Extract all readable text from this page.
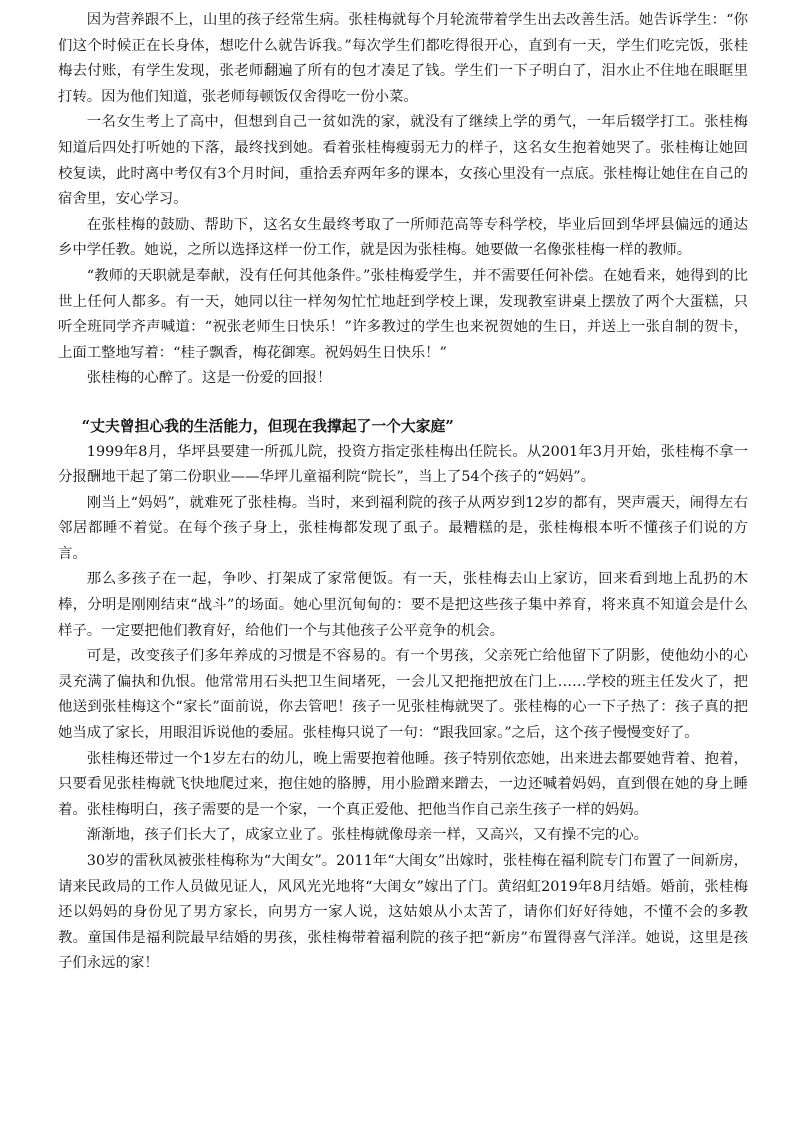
因为营养跟不上，山里的孩子经常生病。张桂梅就每个月轮流带着学生出去改善生活。她告诉学生：“你们这个时候正在长身体，想吃什么就告诉我。”每次学生们都吃得很开心，直到有一天，学生们吃完饭，张桂梅去付账，有学生发现，张老师翻遍了所有的包才凑足了钱。学生们一下子明白了，泪水止不住地在眼眶里打转。因为他们知道，张老师每顿饭仅舍得吃一份小菜。

一名女生考上了高中，但想到自己一贫如洗的家，就没有了继续上学的勇气，一年后辍学打工。张桂梅知道后四处打听她的下落，最终找到她。看着张桂梅瘦弱无力的样子，这名女生抱着她哭了。张桂梅让她回校复读，此时离中考仅有3个月时间，重拾丢弃两年多的课本，女孩心里没有一点底。张桂梅让她住在自己的宿舍里，安心学习。

在张桂梅的鼓励、帮助下，这名女生最终考取了一所师范高等专科学校，毕业后回到华坪县偏远的通达乡中学任教。她说，之所以选择这样一份工作，就是因为张桂梅。她要做一名像张桂梅一样的教师。

“教师的天职就是奉献，没有任何其他条件。”张桂梅爱学生，并不需要任何补偿。在她看来，她得到的比世上任何人都多。有一天，她同以往一样匆匆忙忙地赶到学校上课，发现教室讲桌上摆放了两个大蛋糕，只听全班同学齐声喊道：“祝张老师生日快乐！”许多教过的学生也来祝贺她的生日，并送上一张自制的贺卡，上面工整地写着：“桂子飘香，梅花御寒。祝妈妈生日快乐！”

张桂梅的心醉了。这是一份爱的回报！

“丈夫曾担心我的生活能力，但现在我撑起了一个大家庭”

1999年8月，华坪县要建一所孤儿院，投资方指定张桂梅出任院长。从2001年3月开始，张桂梅不拿一分报酬地干起了第二份职业——华坪儿童福利院“院长”，当上了54个孩子的“妈妈”。

刚当上“妈妈”，就难死了张桂梅。当时，来到福利院的孩子从两岁到12岁的都有，哭声震天，闹得左右邻居都睡不着觉。在每个孩子身上，张桂梅都发现了虱子。最糟糕的是，张桂梅根本听不懂孩子们说的方言。

那么多孩子在一起，争吵、打架成了家常便饭。有一天，张桂梅去山上家访，回来看到地上乱扔的木棒，分明是刚刚结束“战斗”的场面。她心里沉甸甸的：要不是把这些孩子集中养育，将来真不知道会是什么样子。一定要把他们教育好，给他们一个与其他孩子公平竞争的机会。

可是，改变孩子们多年养成的习惯是不容易的。有一个男孩，父亲死亡给他留下了阴影，使他幼小的心灵充满了偏执和仇恨。他常常用石头把卫生间堵死，一会儿又把拖把放在门上……学校的班主任发火了，把他送到张桂梅这个“家长”面前说，你去管吧！孩子一见张桂梅就哭了。张桂梅的心一下子热了：孩子真的把她当成了家长，用眼泪诉说他的委屈。张桂梅只说了一句：“跟我回家。”之后，这个孩子慢慢变好了。

张桂梅还带过一个1岁左右的幼儿，晚上需要抱着他睡。孩子特别依恋她，出来进去都要她背着、抱着，只要看见张桂梅就飞快地爬过来，抱住她的胳膊，用小脸蹭来蹭去，一边还喊着妈妈，直到偎在她的身上睡着。张桂梅明白，孩子需要的是一个家，一个真正爱他、把他当作自己亲生孩子一样的妈妈。

渐渐地，孩子们长大了，成家立业了。张桂梅就像母亲一样，又高兴，又有操不完的心。

30岁的雷秋凤被张桂梅称为“大闺女”。2011年“大闺女”出嫁时，张桂梅在福利院专门布置了一间新房，请来民政局的工作人员做见证人，风风光光地将“大闺女”嫁出了门。黄绍虹2019年8月结婚。婚前，张桂梅还以妈妈的身份见了男方家长，向男方一家人说，这姑娘从小太苦了，请你们好好待她，不懂不会的多教教。童国伟是福利院最早结婚的男孩，张桂梅带着福利院的孩子把“新房”布置得喜气洋洋。她说，这里是孩子们永远的家！
